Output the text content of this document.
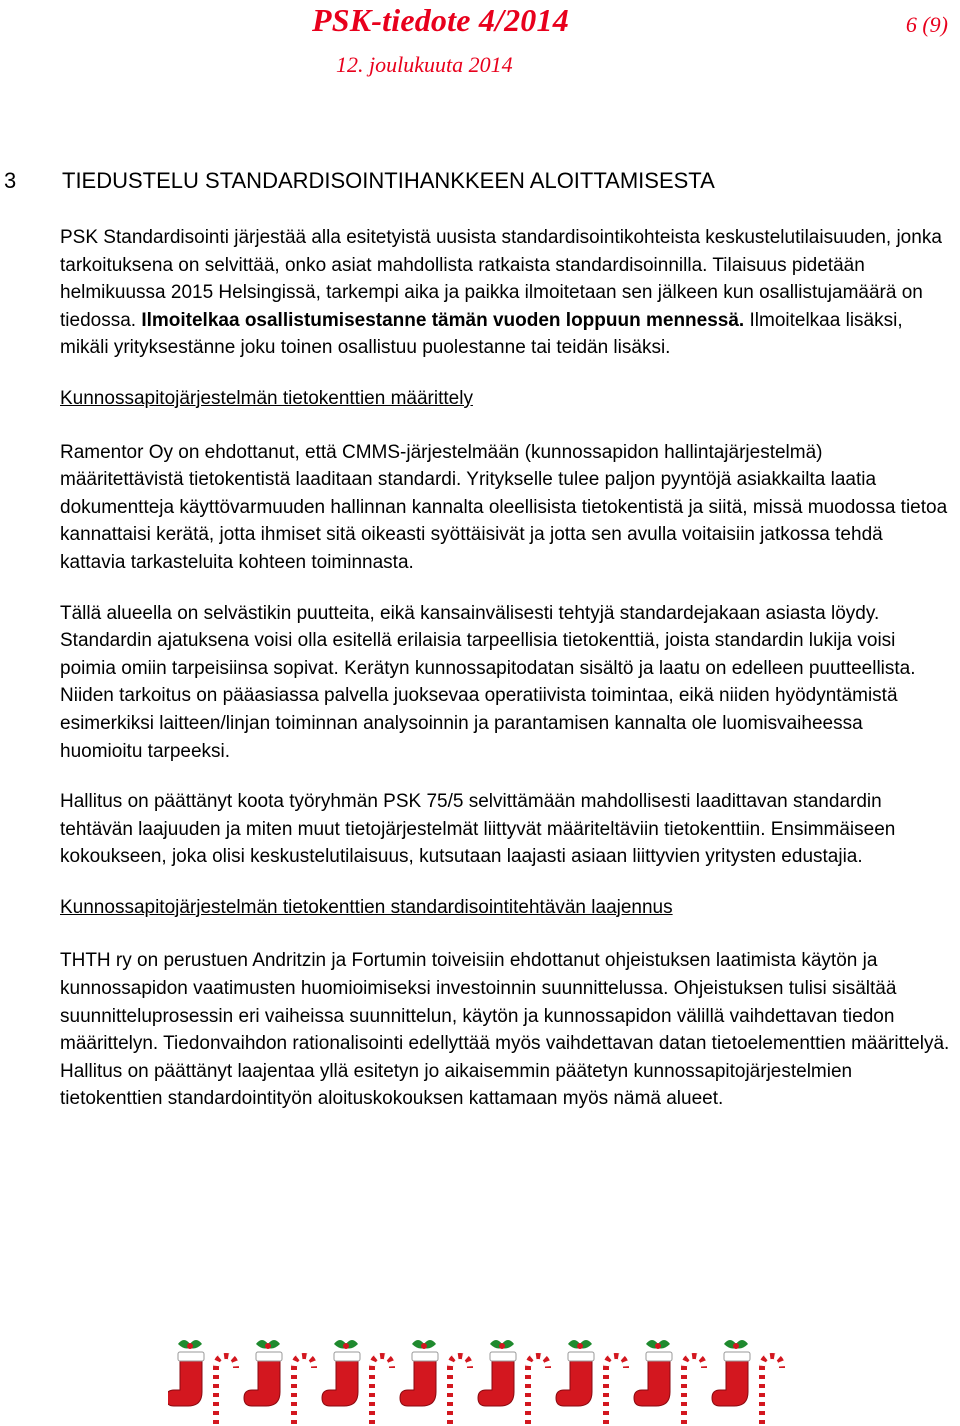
PSK-tiedote 4/2014
12. joulukuuta 2014
6 (9)
3	TIEDUSTELU STANDARDISOINTIHANKKEEN ALOITTAMISESTA

PSK Standardisointi järjestää alla esitetyistä uusista standardisointikohteista keskustelutilaisuuden, jonka tarkoituksena on selvittää, onko asiat mahdollista ratkaista standardisoinnilla. Tilaisuus pidetään helmikuussa 2015 Helsingissä, tarkempi aika ja paikka ilmoitetaan sen jälkeen kun osallistujamäärä on tiedossa. Ilmoitelkaa osallistumisestanne tämän vuoden loppuun mennessä. Ilmoitelkaa lisäksi, mikäli yrityksestänne joku toinen osallistuu puolestanne tai teidän lisäksi.

Kunnossapitojärjestelmän tietokenttien määrittely

Ramentor Oy on ehdottanut, että CMMS-järjestelmään (kunnossapidon hallintajärjestelmä) määritettävistä tietokentistä laaditaan standardi. Yritykselle tulee paljon pyyntöjä asiakkailta laatia dokumentteja käyttövarmuuden hallinnan kannalta oleellisista tietokentistä ja siitä, missä muodossa tietoa kannattaisi kerätä, jotta ihmiset sitä oikeasti syöttäisivät ja jotta sen avulla voitaisiin jatkossa tehdä kattavia tarkasteluita kohteen toiminnasta.

Tällä alueella on selvästikin puutteita, eikä kansainvälisesti tehtyjä standardejakaan asiasta löydy. Standardin ajatuksena voisi olla esitellä erilaisia tarpeellisia tietokenttiä, joista standardin lukija voisi poimia omiin tarpeisiinsa sopivat. Kerätyn kunnossapitodatan sisältö ja laatu on edelleen puutteellista. Niiden tarkoitus on pääasiassa palvella juoksevaa operatiivista toimintaa, eikä niiden hyödyntämistä esimerkiksi laitteen/linjan toiminnan analysoinnin ja parantamisen kannalta ole luomisvaiheessa huomioitu tarpeeksi.

Hallitus on päättänyt koota työryhmän PSK 75/5 selvittämään mahdollisesti laadittavan standardin tehtävän laajuuden ja miten muut tietojärjestelmät liittyvät määriteltäviin tietokenttiin. Ensimmäiseen kokoukseen, joka olisi keskustelutilaisuus, kutsutaan laajasti asiaan liittyvien yritysten edustajia.

Kunnossapitojärjestelmän tietokenttien standardisointitehtävän laajennus

THTH ry on perustuen Andritzin ja Fortumin toiveisiin ehdottanut ohjeistuksen laatimista käytön ja kunnossapidon vaatimusten huomioimiseksi investoinnin suunnittelussa. Ohjeistuksen tulisi sisältää suunnitteluprosessin eri vaiheissa suunnittelun, käytön ja kunnossapidon välillä vaihdettavan tiedon määrittelyn. Tiedonvaihdon rationalisointi edellyttää myös vaihdettavan datan tietoelementtien määrittelyä. Hallitus on päättänyt laajentaa yllä esitetyn jo aikaisemmin päätetyn kunnossapitojärjestelmien tietokenttien standardointityön aloituskokouksen kattamaan myös nämä alueet.
